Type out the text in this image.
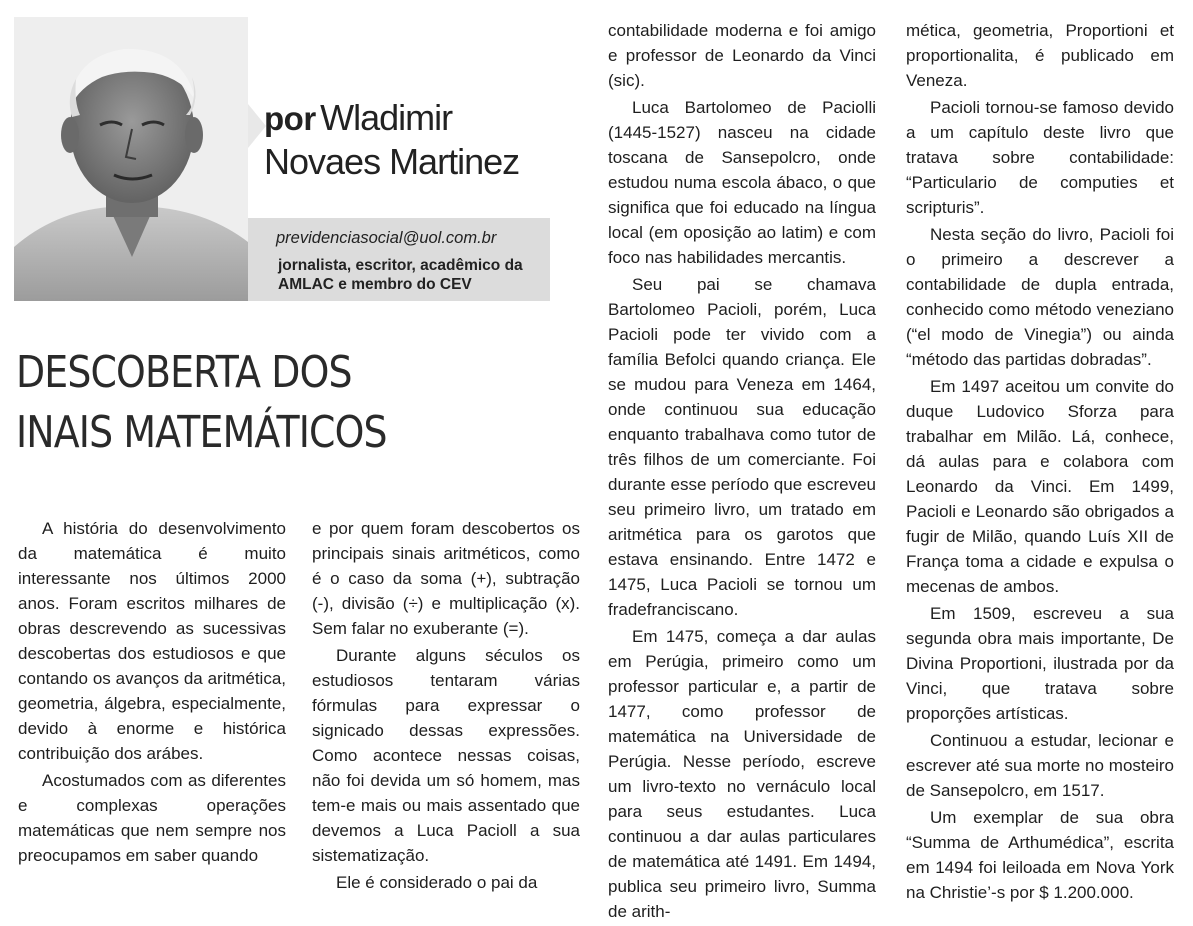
por Wladimir
Novaes Martinez
previdenciasocial@uol.com.br
jornalista, escritor, acadêmico da AMLAC e membro do CEV
DESCOBERTA DOS
INAIS MATEMÁTICOS

A história do desenvolvimento da matemática é muito interessante nos últimos 2000 anos. Foram escritos milhares de obras descrevendo as sucessivas descobertas dos estudiosos e que contando os avanços da aritmética, geometria, álgebra, especialmente, devido à enorme e histórica contribuição dos arábes.

Acostumados com as diferentes e complexas operações matemáticas que nem sempre nos preocupamos em saber quando

e por quem foram descobertos os principais sinais aritméticos, como é o caso da soma (+), subtração (-), divisão (÷) e multiplicação (x). Sem falar no exuberante (=).

Durante alguns séculos os estudiosos tentaram várias fórmulas para expressar o signicado dessas expressões. Como acontece nessas coisas, não foi devida um só homem, mas tem-e mais ou mais assentado que devemos a Luca Pacioll a sua sistematização.

Ele é considerado o pai da

contabilidade moderna e foi amigo e professor de Leonardo da Vinci (sic).

Luca Bartolomeo de Paciolli (1445-1527) nasceu na cidade toscana de Sansepolcro, onde estudou numa escola ábaco, o que significa que foi educado na língua local (em oposição ao latim) e com foco nas habilidades mercantis.

Seu pai se chamava Bartolomeo Pacioli, porém, Luca Pacioli pode ter vivido com a família Befolci quando criança. Ele se mudou para Veneza em 1464, onde continuou sua educação enquanto trabalhava como tutor de três filhos de um comerciante. Foi durante esse período que escreveu seu primeiro livro, um tratado em aritmética para os garotos que estava ensinando. Entre 1472 e 1475, Luca Pacioli se tornou um fradefranciscano.

Em 1475, começa a dar aulas em Perúgia, primeiro como um professor particular e, a partir de 1477, como professor de matemática na Universidade de Perúgia. Nesse período, escreve um livro-texto no vernáculo local para seus estudantes. Luca continuou a dar aulas particulares de matemática até 1491. Em 1494, publica seu primeiro livro, Summa de arith-

mética, geometria, Proportioni et proportionalita, é publicado em Veneza.

Pacioli tornou-se famoso devido a um capítulo deste livro que tratava sobre contabilidade: “Particulario de computies et scripturis”.

Nesta seção do livro, Pacioli foi o primeiro a descrever a contabilidade de dupla entrada, conhecido como método veneziano (“el modo de Vinegia”) ou ainda “método das partidas dobradas”.

Em 1497 aceitou um convite do duque Ludovico Sforza para trabalhar em Milão. Lá, conhece, dá aulas para e colabora com Leonardo da Vinci. Em 1499, Pacioli e Leonardo são obrigados a fugir de Milão, quando Luís XII de França toma a cidade e expulsa o mecenas de ambos.

Em 1509, escreveu a sua segunda obra mais importante, De Divina Proportioni, ilustrada por da Vinci, que tratava sobre proporções artísticas.

Continuou a estudar, lecionar e escrever até sua morte no mosteiro de Sansepolcro, em 1517.

Um exemplar de sua obra “Summa de Arthumédica”, escrita em 1494 foi leiloada em Nova York na Christie’-s por $ 1.200.000.
